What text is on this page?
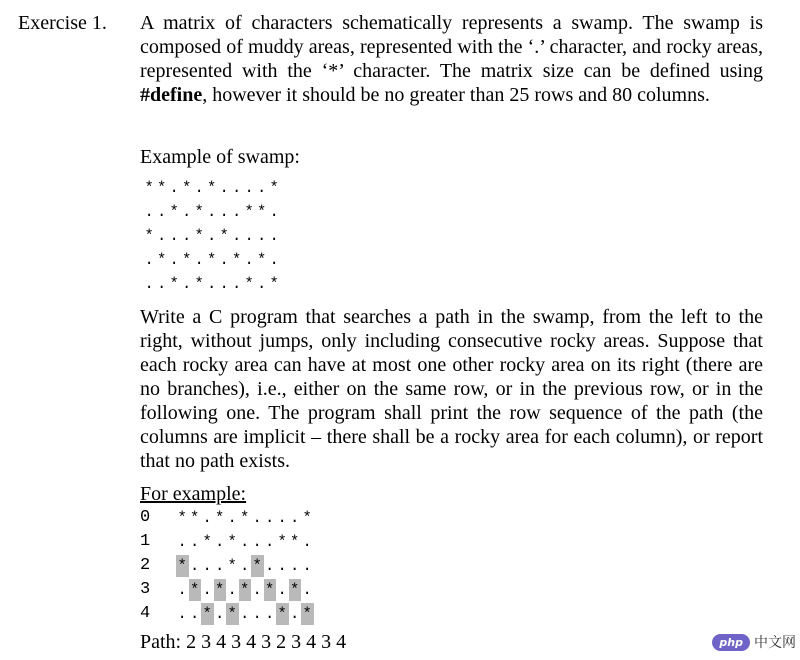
Exercise 1. A matrix of characters schematically represents a swamp. The swamp is composed of muddy areas, represented with the ‘.’ character, and rocky areas, represented with the ‘*’ character. The matrix size can be defined using #define, however it should be no greater than 25 rows and 80 columns.

Example of swamp:

* * . * . * . . . . *
. . * . * . . . * * .
* . . . * . * . . . .
. * . * . * . * . * .
. . * . * . . . * . *

Write a C program that searches a path in the swamp, from the left to the right, without jumps, only including consecutive rocky areas. Suppose that each rocky area can have at most one other rocky area on its right (there are no branches), i.e., either on the same row, or in the previous row, or in the following one. The program shall print the row sequence of the path (the columns are implicit – there shall be a rocky area for each column), or report that no path exists.

For example:

0 * * . * . * . . . . *
1 . . * . * . . . * * .
2 * . . . * . * . . . .
3 . * . * . * . * . * .
4 . . * . * . . . * . *

Path: 2 3 4 3 4 3 2 3 4 3 4	php 中文网
